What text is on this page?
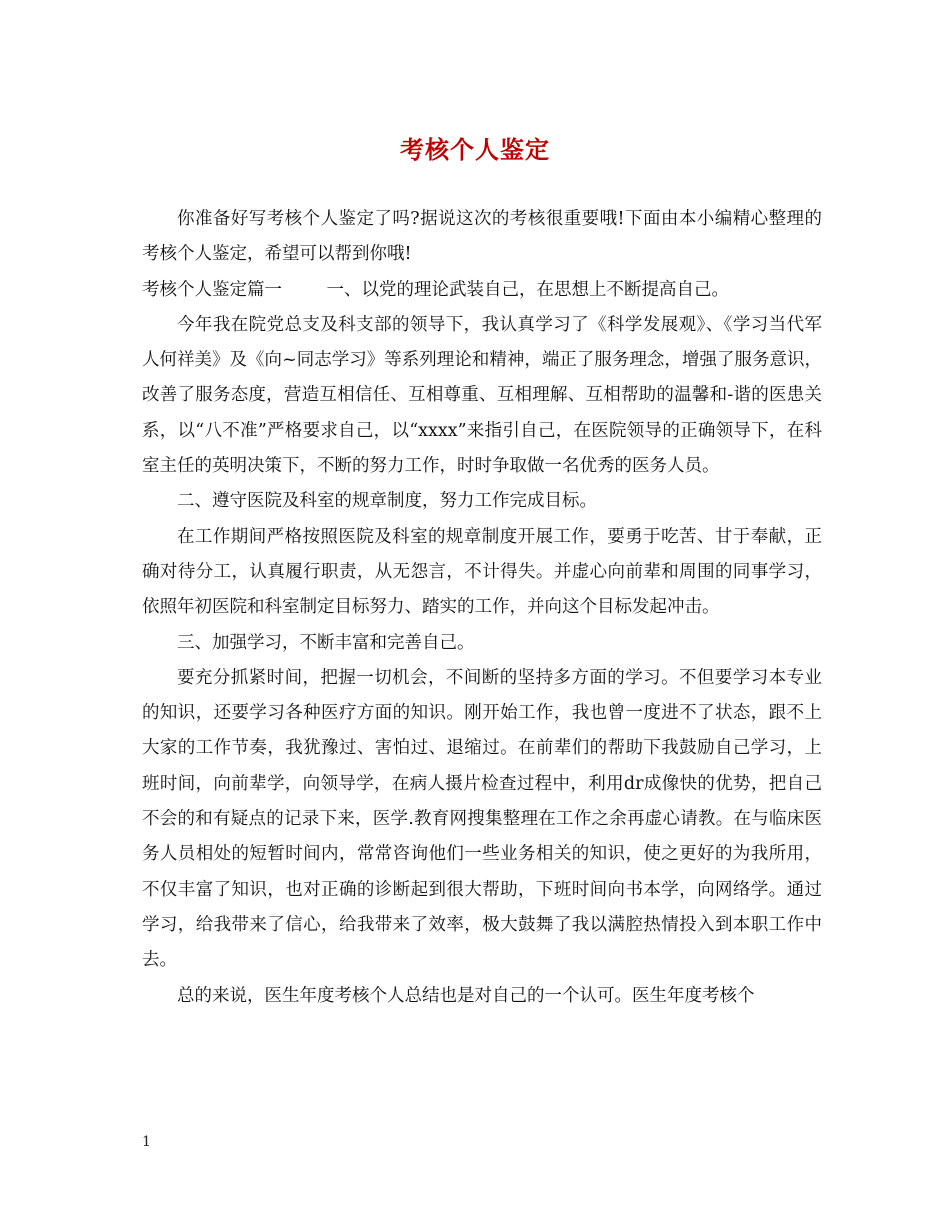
考核个人鉴定

你准备好写考核个人鉴定了吗?据说这次的考核很重要哦!下面由本小编精心整理的考核个人鉴定，希望可以帮到你哦!

考核个人鉴定篇一        一、以党的理论武装自己，在思想上不断提高自己。

今年我在院党总支及科支部的领导下，我认真学习了《科学发展观》、《学习当代军人何祥美》及《向~同志学习》等系列理论和精神，端正了服务理念，增强了服务意识，改善了服务态度，营造互相信任、互相尊重、互相理解、互相帮助的温馨和-谐的医患关系，以“八不准”严格要求自己，以“xxxx”来指引自己，在医院领导的正确领导下，在科室主任的英明决策下，不断的努力工作，时时争取做一名优秀的医务人员。

二、遵守医院及科室的规章制度，努力工作完成目标。

在工作期间严格按照医院及科室的规章制度开展工作，要勇于吃苦、甘于奉献，正确对待分工，认真履行职责，从无怨言，不计得失。并虚心向前辈和周围的同事学习，依照年初医院和科室制定目标努力、踏实的工作，并向这个目标发起冲击。

三、加强学习，不断丰富和完善自己。

要充分抓紧时间，把握一切机会，不间断的坚持多方面的学习。不但要学习本专业的知识，还要学习各种医疗方面的知识。刚开始工作，我也曾一度进不了状态，跟不上大家的工作节奏，我犹豫过、害怕过、退缩过。在前辈们的帮助下我鼓励自己学习，上班时间，向前辈学，向领导学，在病人摄片检查过程中，利用dr成像快的优势，把自己不会的和有疑点的记录下来，医学.教育网搜集整理在工作之余再虚心请教。在与临床医务人员相处的短暂时间内，常常咨询他们一些业务相关的知识，使之更好的为我所用，不仅丰富了知识，也对正确的诊断起到很大帮助，下班时间向书本学，向网络学。通过学习，给我带来了信心，给我带来了效率，极大鼓舞了我以满腔热情投入到本职工作中去。

总的来说，医生年度考核个人总结也是对自己的一个认可。医生年度考核个

1
